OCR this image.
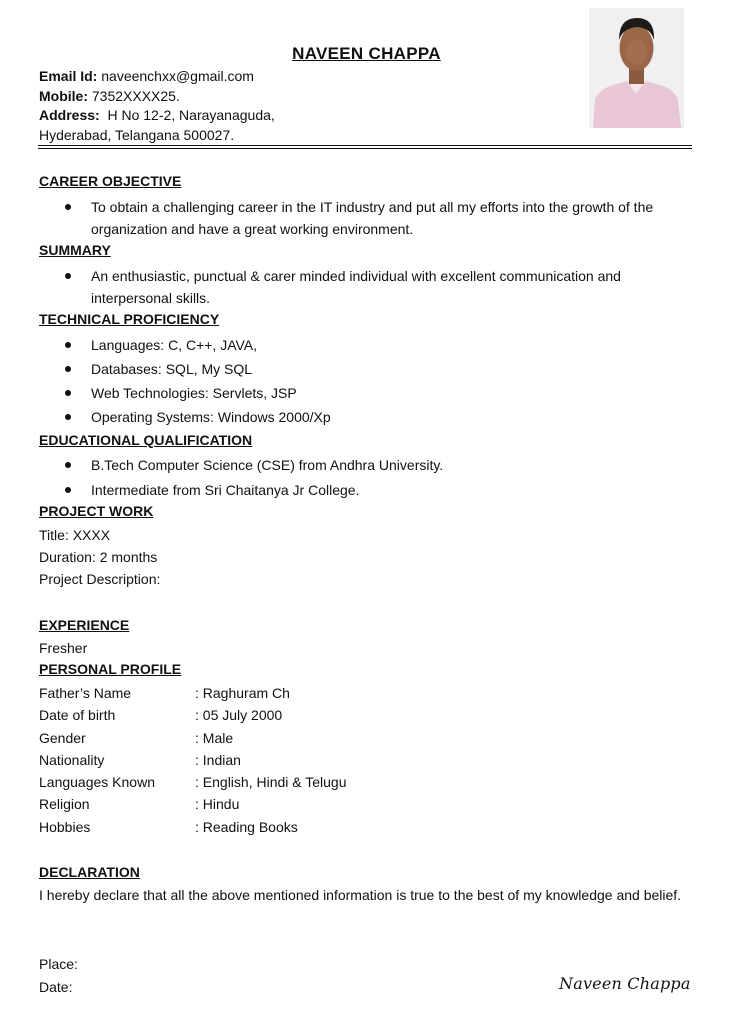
NAVEEN CHAPPA
Email Id: naveenchxx@gmail.com
Mobile: 7352XXXX25.
Address: H No 12-2, Narayanaguda,
Hyderabad, Telangana 500027.
CAREER OBJECTIVE
To obtain a challenging career in the IT industry and put all my efforts into the growth of the organization and have a great working environment.
SUMMARY
An enthusiastic, punctual & carer minded individual with excellent communication and interpersonal skills.
TECHNICAL PROFICIENCY
Languages: C, C++, JAVA,
Databases: SQL, My SQL
Web Technologies: Servlets, JSP
Operating Systems: Windows 2000/Xp
EDUCATIONAL QUALIFICATION
B.Tech Computer Science (CSE) from Andhra University.
Intermediate from Sri Chaitanya Jr College.
PROJECT WORK
Title: XXXX
Duration: 2 months
Project Description:
EXPERIENCE
Fresher
PERSONAL PROFILE
Father’s Name	: Raghuram Ch
Date of birth	: 05 July 2000
Gender	: Male
Nationality	: Indian
Languages Known	: English, Hindi & Telugu
Religion	: Hindu
Hobbies	: Reading Books
DECLARATION
I hereby declare that all the above mentioned information is true to the best of my knowledge and belief.
Place:
Date:	Naveen Chappa
